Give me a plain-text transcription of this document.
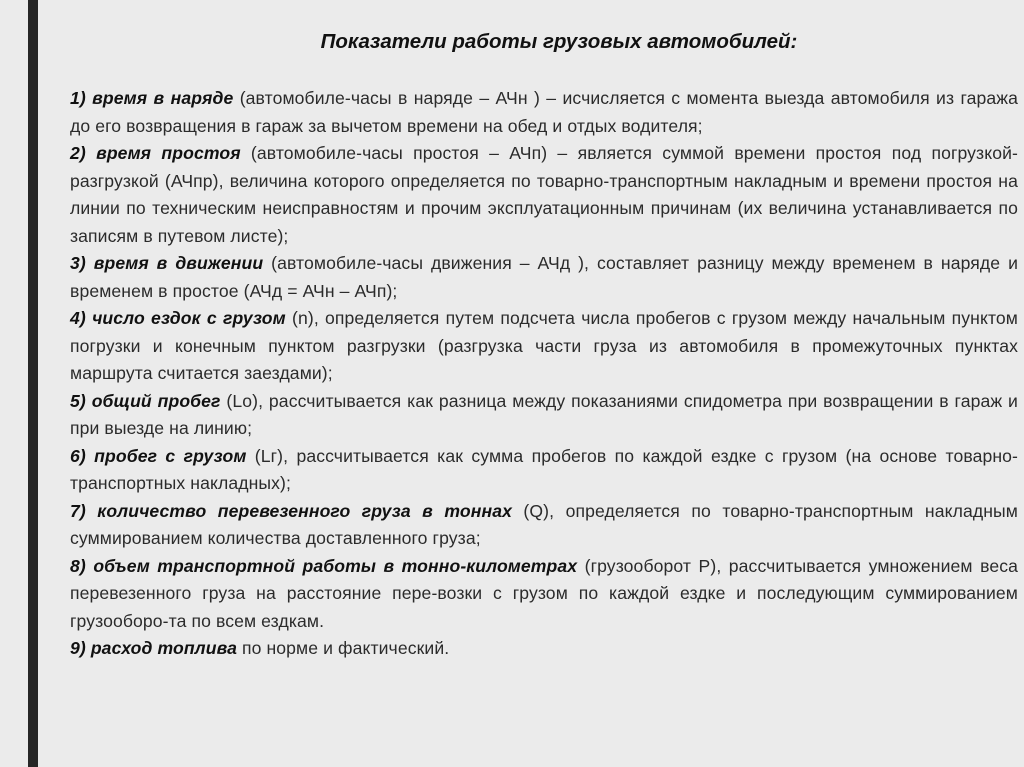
Показатели работы грузовых автомобилей:

1) время в наряде (автомобиле-часы в наряде – АЧн ) – исчисляется с момента выезда автомобиля из гаража до его возвращения в гараж за вычетом времени на обед и отдых водителя;

2) время простоя (автомобиле-часы простоя – АЧп) – является суммой времени простоя под погрузкой-разгрузкой (АЧпр), величина которого определяется по товарно-транспортным накладным и времени простоя на линии по техническим неисправностям и прочим эксплуатационным причинам (их величина устанавливается по записям в путевом листе);

3) время в движении (автомобиле-часы движения – АЧд ), составляет разницу между временем в наряде и временем в простое (АЧд = АЧн – АЧп);

4) число ездок с грузом (n), определяется путем подсчета числа пробегов с грузом между начальным пунктом погрузки и конечным пунктом разгрузки (разгрузка части груза из автомобиля в промежуточных пунктах маршрута считается заездами);

5) общий пробег (Lо), рассчитывается как разница между показаниями спидометра при возвращении в гараж и при выезде на линию;

6) пробег с грузом (Lг), рассчитывается как сумма пробегов по каждой ездке с грузом (на основе товарно-транспортных накладных);

7) количество перевезенного груза в тоннах (Q), определяется по товарно-транспортным накладным суммированием количества доставленного груза;

8) объем транспортной работы в тонно-километрах (грузооборот Р), рассчитывается умножением веса перевезенного груза на расстояние пере-возки с грузом по каждой ездке и последующим суммированием грузооборо-та по всем ездкам.

9) расход топлива по норме и фактический.
